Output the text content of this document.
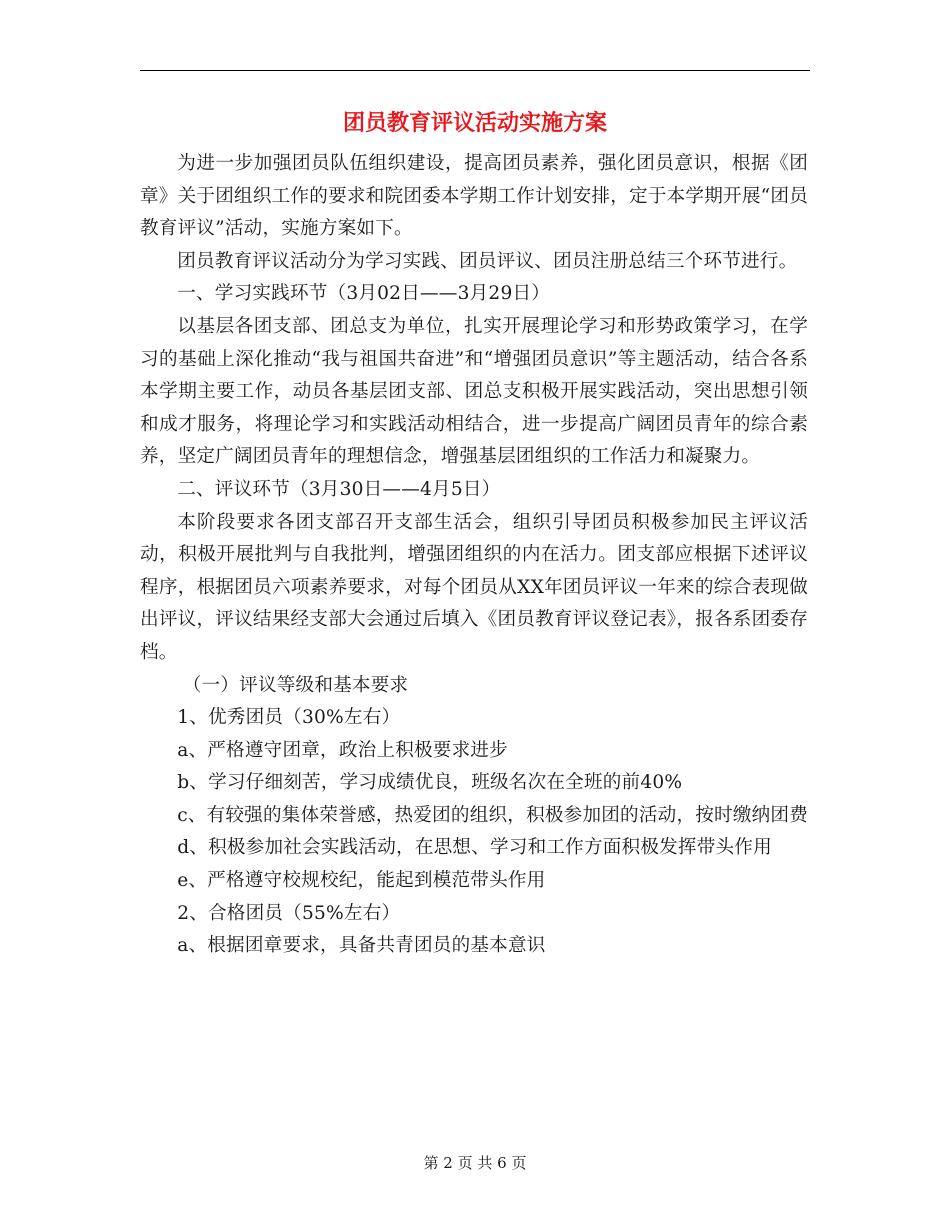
团员教育评议活动实施方案

为进一步加强团员队伍组织建设，提高团员素养，强化团员意识，根据《团章》关于团组织工作的要求和院团委本学期工作计划安排，定于本学期开展“团员教育评议”活动，实施方案如下。

团员教育评议活动分为学习实践、团员评议、团员注册总结三个环节进行。

一、学习实践环节（3月02日——3月29日）

以基层各团支部、团总支为单位，扎实开展理论学习和形势政策学习，在学习的基础上深化推动“我与祖国共奋进”和“增强团员意识”等主题活动，结合各系本学期主要工作，动员各基层团支部、团总支积极开展实践活动，突出思想引领和成才服务，将理论学习和实践活动相结合，进一步提高广阔团员青年的综合素养，坚定广阔团员青年的理想信念，增强基层团组织的工作活力和凝聚力。

二、评议环节（3月30日——4月5日）

本阶段要求各团支部召开支部生活会，组织引导团员积极参加民主评议活动，积极开展批判与自我批判，增强团组织的内在活力。团支部应根据下述评议程序，根据团员六项素养要求，对每个团员从XX年团员评议一年来的综合表现做出评议，评议结果经支部大会通过后填入《团员教育评议登记表》，报各系团委存档。

（一）评议等级和基本要求

1、优秀团员（30%左右）

a、严格遵守团章，政治上积极要求进步

b、学习仔细刻苦，学习成绩优良，班级名次在全班的前40%

c、有较强的集体荣誉感，热爱团的组织，积极参加团的活动，按时缴纳团费

d、积极参加社会实践活动，在思想、学习和工作方面积极发挥带头作用

e、严格遵守校规校纪，能起到模范带头作用

2、合格团员（55%左右）

a、根据团章要求，具备共青团员的基本意识

第 2 页 共 6 页
